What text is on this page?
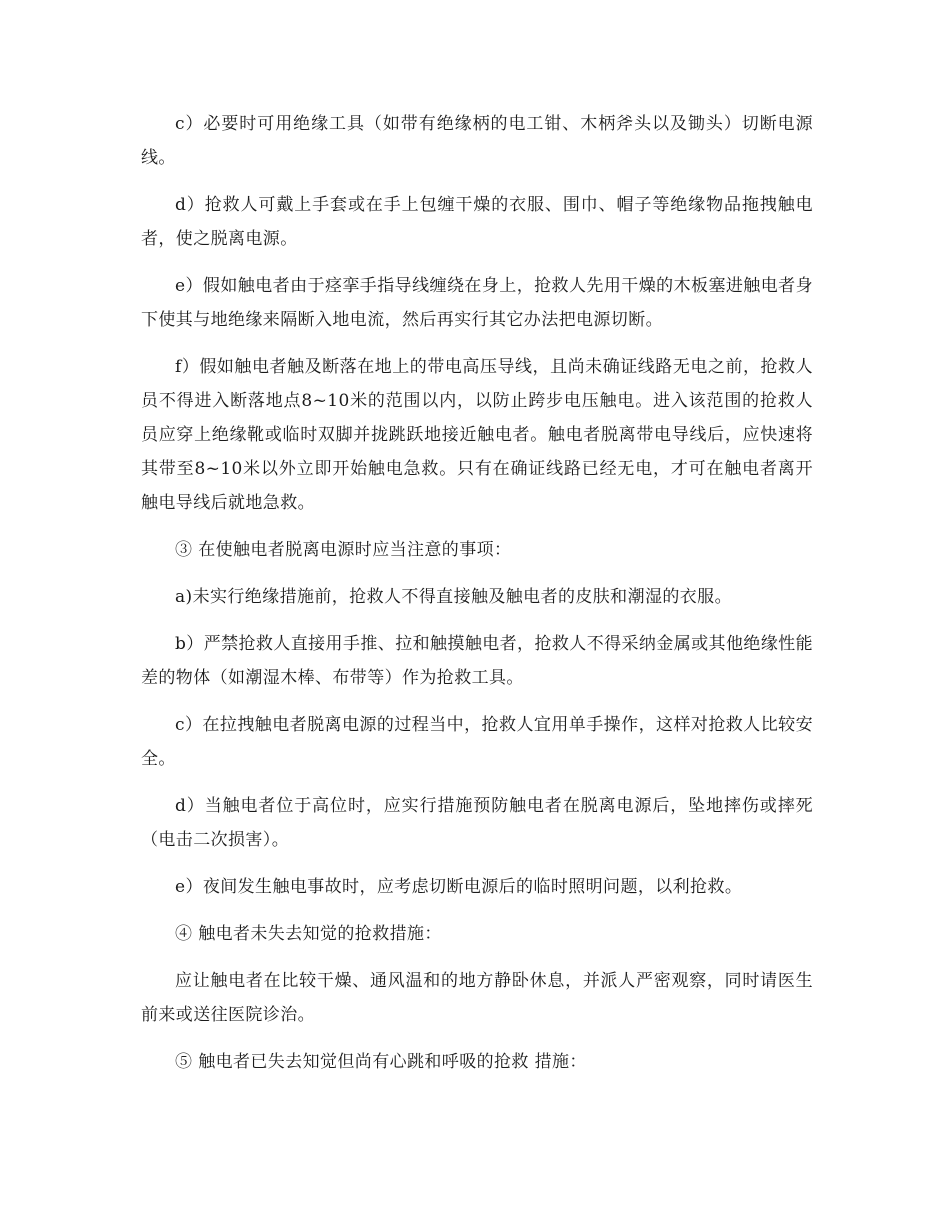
c）必要时可用绝缘工具（如带有绝缘柄的电工钳、木柄斧头以及锄头）切断电源线。

d）抢救人可戴上手套或在手上包缠干燥的衣服、围巾、帽子等绝缘物品拖拽触电者，使之脱离电源。

e）假如触电者由于痉挛手指导线缠绕在身上，抢救人先用干燥的木板塞进触电者身下使其与地绝缘来隔断入地电流，然后再实行其它办法把电源切断。

f）假如触电者触及断落在地上的带电高压导线，且尚未确证线路无电之前，抢救人员不得进入断落地点8~10米的范围以内，以防止跨步电压触电。进入该范围的抢救人员应穿上绝缘靴或临时双脚并拢跳跃地接近触电者。触电者脱离带电导线后，应快速将其带至8~10米以外立即开始触电急救。只有在确证线路已经无电，才可在触电者离开触电导线后就地急救。

③ 在使触电者脱离电源时应当注意的事项：

a)未实行绝缘措施前，抢救人不得直接触及触电者的皮肤和潮湿的衣服。

b）严禁抢救人直接用手推、拉和触摸触电者，抢救人不得采纳金属或其他绝缘性能差的物体（如潮湿木棒、布带等）作为抢救工具。

c）在拉拽触电者脱离电源的过程当中，抢救人宜用单手操作，这样对抢救人比较安全。

d）当触电者位于高位时，应实行措施预防触电者在脱离电源后，坠地摔伤或摔死（电击二次损害）。

e）夜间发生触电事故时，应考虑切断电源后的临时照明问题，以利抢救。

④ 触电者未失去知觉的抢救措施：

应让触电者在比较干燥、通风温和的地方静卧休息，并派人严密观察，同时请医生前来或送往医院诊治。

⑤ 触电者已失去知觉但尚有心跳和呼吸的抢救 措施：
